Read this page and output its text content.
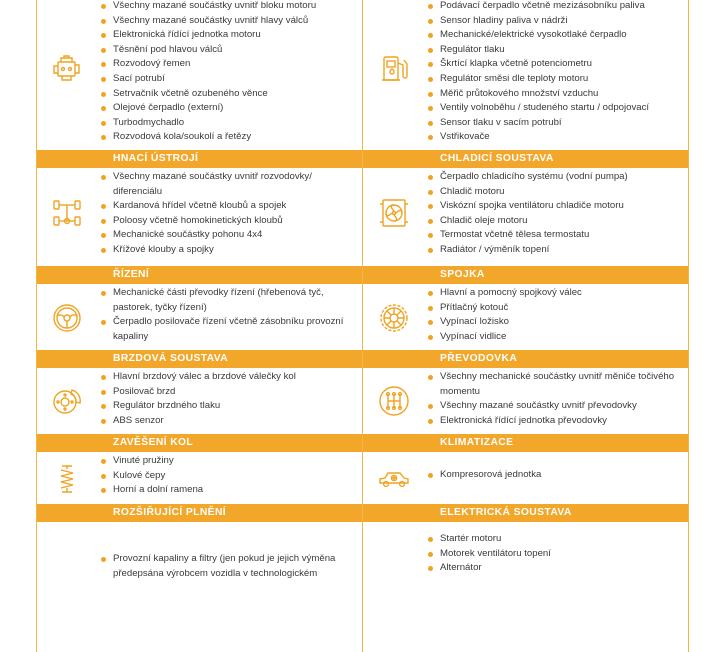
Všechny mazané součástky uvnitř bloku motoru
Všechny mazané součástky uvnitř hlavy válců
Elektronická řídící jednotka motoru
Těsnění pod hlavou válců
Rozvodový řemen
Sací potrubí
Setrvačník včetně ozubeného věnce
Olejové čerpadlo (externí)
Turbodmychadlo
Rozvodová kola/soukolí a řetězy
Podávací čerpadlo včetně mezizásobníku paliva
Sensor hladiny paliva v nádrži
Mechanické/elektrické vysokotlaké čerpadlo
Regulátor tlaku
Škrtící klapka včetně potenciometru
Regulátor směsi dle teploty motoru
Měřič průtokového množství vzduchu
Ventily volnoběhu / studeného startu / odpojovací
Sensor tlaku v sacím potrubí
Vstřikovače
HNACÍ ÚSTROJÍ	CHLADICÍ SOUSTAVA
Všechny mazané součástky uvnitř rozvodovky/ diferenciálu
Kardanová hřídel včetně kloubů a spojek
Poloosy včetně homokinetických kloubů
Mechanické součástky pohonu 4x4
Křížové klouby a spojky
Čerpadlo chladicího systému (vodní pumpa)
Chladič motoru
Viskózní spojka ventilátoru chladiče motoru
Chladič oleje motoru
Termostat včetně tělesa termostatu
Radiátor / výměník topení
ŘÍZENÍ	SPOJKA
Mechanické části převodky řízení (hřebenová tyč, pastorek, tyčky řízení)
Čerpadlo posilovače řízení včetně zásobníku provozní kapaliny
Hlavní a pomocný spojkový válec
Přítlačný kotouč
Vypínací ložisko
Vypínací vidlice
BRZDOVÁ SOUSTAVA	PŘEVODOVKA
Hlavní brzdový válec a brzdové válečky kol
Posilovač brzd
Regulátor brzdného tlaku
ABS senzor
Všechny mechanické součástky uvnitř měniče točivého momentu
Všechny mazané součástky uvnitř převodovky
Elektronická řídící jednotka převodovky
ZAVĚŠENÍ KOL	KLIMATIZACE
Vinuté pružiny
Kulové čepy
Horní a dolní ramena
Kompresorová jednotka
ROZŠIŘUJÍCÍ PLNĚNÍ	ELEKTRICKÁ SOUSTAVA
Provozní kapaliny a filtry (jen pokud je jejich výměna předepsána výrobcem vozidla v technologickém
Startér motoru
Motorek ventilátoru topení
Alternátor
